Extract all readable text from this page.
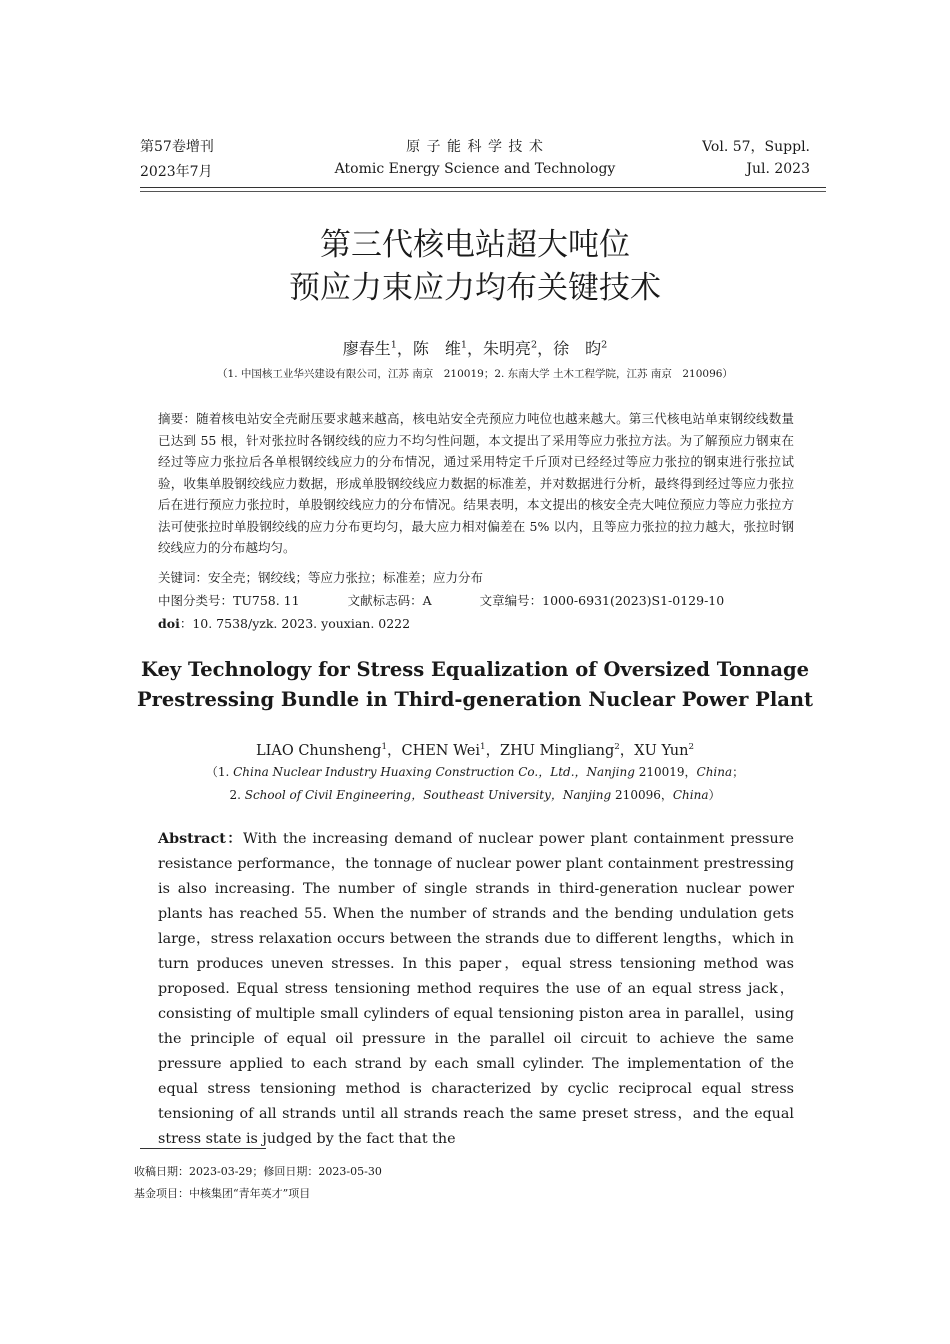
第57卷增刊
2023年7月
原 子 能 科 学 技 术
Atomic Energy Science and Technology
Vol. 57，Suppl.
Jul. 2023
第三代核电站超大吨位
预应力束应力均布关键技术
廖春生$^1$，陈　维$^1$，朱明亮$^2$，徐　昀$^2$
（1. 中国核工业华兴建设有限公司，江苏 南京　210019；2. 东南大学 土木工程学院，江苏 南京　210096）
摘要：随着核电站安全壳耐压要求越来越高，核电站安全壳预应力吨位也越来越大。第三代核电站单束钢绞线数量已达到 55 根，针对张拉时各钢绞线的应力不均匀性问题，本文提出了采用等应力张拉方法。为了解预应力钢束在经过等应力张拉后各单根钢绞线应力的分布情况，通过采用特定千斤顶对已经经过等应力张拉的钢束进行张拉试验，收集单股钢绞线应力数据，形成单股钢绞线应力数据的标准差，并对数据进行分析，最终得到经过等应力张拉后在进行预应力张拉时，单股钢绞线应力的分布情况。结果表明，本文提出的核安全壳大吨位预应力等应力张拉方法可使张拉时单股钢绞线的应力分布更均匀，最大应力相对偏差在 5% 以内，且等应力张拉的拉力越大，张拉时钢绞线应力的分布越均匀。
关键词：安全壳；钢绞线；等应力张拉；标准差；应力分布
中图分类号：TU758. 11	文献标志码：A	文章编号：1000-6931(2023)S1-0129-10
doi：10. 7538/yzk. 2023. youxian. 0222
Key Technology for Stress Equalization of Oversized Tonnage
Prestressing Bundle in Third-generation Nuclear Power Plant
LIAO Chunsheng$^1$，CHEN Wei$^1$，ZHU Mingliang$^2$，XU Yun$^2$
（1. China Nuclear Industry Huaxing Construction Co.，Ltd.，Nanjing 210019，China；
2. School of Civil Engineering，Southeast University，Nanjing 210096，China）
Abstract：With the increasing demand of nuclear power plant containment pressure resistance performance，the tonnage of nuclear power plant containment prestressing is also increasing. The number of single strands in third-generation nuclear power plants has reached 55. When the number of strands and the bending undulation gets large，stress relaxation occurs between the strands due to different lengths，which in turn produces uneven stresses. In this paper，equal stress tensioning method was proposed. Equal stress tensioning method requires the use of an equal stress jack，consisting of multiple small cylinders of equal tensioning piston area in parallel，using the principle of equal oil pressure in the parallel oil circuit to achieve the same pressure applied to each strand by each small cylinder. The implementation of the equal stress tensioning method is characterized by cyclic reciprocal equal stress tensioning of all strands until all strands reach the same preset stress，and the equal stress state is judged by the fact that the
收稿日期：2023-03-29；修回日期：2023-05-30
基金项目：中核集团“青年英才”项目
